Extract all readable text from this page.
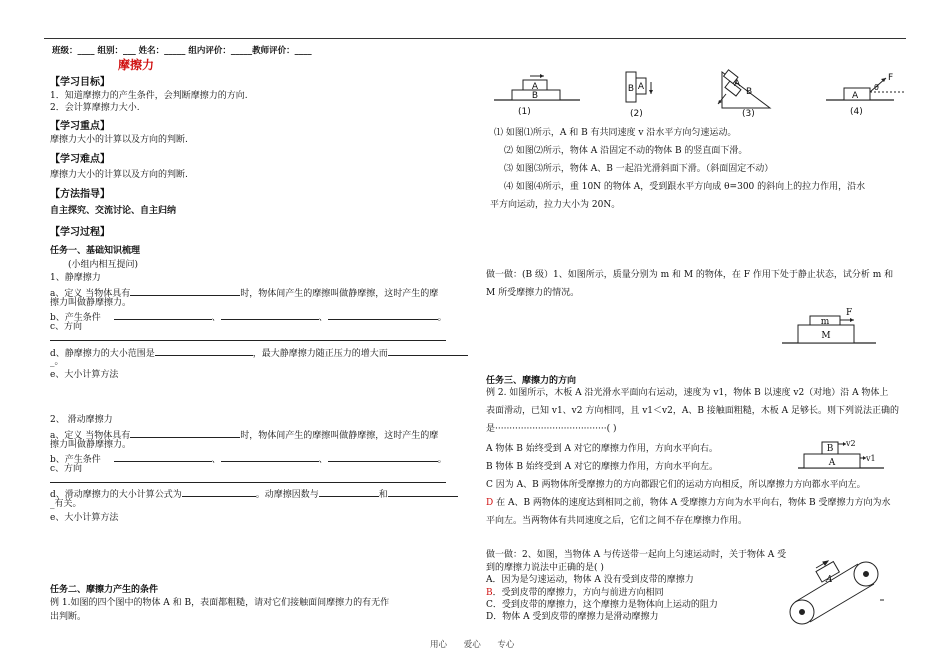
班级：____ 组别：___ 姓名：_____ 组内评价：_____教师评价：____
摩擦力
【学习目标】
1．知道摩擦力的产生条件，会判断摩擦力的方向.
2．会计算摩擦力大小.
【学习重点】
摩擦力大小的计算以及方向的判断.
【学习难点】
摩擦力大小的计算以及方向的判断.
【方法指导】
自主探究、交流讨论、自主归纳
【学习过程】
任务一、基础知识梳理
(小组内相互提问)
1、静摩擦力
a、定义 当物体具有	时，物体间产生的摩擦叫做静摩擦，这时产生的摩
擦力叫做静摩擦力。
b、产生条件	、	、	。
c、方向
d、静摩擦力的大小范围是	，最大静摩擦力随正压力的增大而
_。
e、大小计算方法
2、 滑动摩擦力
a、定义 当物体具有	时，物体间产生的摩擦叫做静摩擦，这时产生的摩
擦力叫做静摩擦力。
b、产生条件	、	、	。
c、方向
d、滑动摩擦力的大小计算公式为	。动摩擦因数与	和
_有关。
e、大小计算方法
任务二、摩擦力产生的条件
例 1.如图的四个图中的物体 A 和 B，表面都粗糙，请对它们接触面间摩擦力的有无作
出判断。
A
B
(1)
B A
(2)
A
B
(3)
A
F
θ
(4)
⑴ 如图⑴所示，A 和 B 有共同速度 v 沿水平方向匀速运动。
⑵ 如图⑵所示，物体 A 沿固定不动的物体 B 的竖直面下滑。
⑶ 如图⑶所示，物体 A、B 一起沿光滑斜面下滑。（斜面固定不动）
⑷ 如图⑷所示，重 10N 的物体 A，受到跟水平方向成 θ=300 的斜向上的拉力作用，沿水
平方向运动，拉力大小为 20N。
做一做：(B 级）1、如图所示，质量分别为 m 和 M 的物体，在 F 作用下处于静止状态，试分析 m 和
M 所受摩擦力的情况。
m
M
F
任务三、摩擦力的方向
例 2. 如图所示，木板 A 沿光滑水平面向右运动，速度为 v1，物体 B 以速度 v2（对地）沿 A 物体上
表面滑动，已知 v1、v2 方向相同，且 v1＜v2，A、B 接触面粗糙，木板 A 足够长。则下列说法正确的
是·······································( )
A 物体 B 始终受到 A 对它的摩擦力作用，方向水平向右。
B 物体 B 始终受到 A 对它的摩擦力作用，方向水平向左。
C 因为 A、B 两物体所受摩擦力的方向都跟它们的运动方向相反，所以摩擦力方向都水平向左。
D 在 A、B 两物体的速度达到相同之前，物体 A 受摩擦力方向为水平向右，物体 B 受摩擦力方向为水
平向左。当两物体有共同速度之后，它们之间不存在摩擦力作用。
B
A
v2
v1
做一做：2、如图，当物体 A 与传送带一起向上匀速运动时，关于物体 A 受
到的摩擦力说法中正确的是( )
A．因为是匀速运动，物体 A 没有受到皮带的摩擦力
B．受到皮带的摩擦力，方向与前进方向相同
C．受到皮带的摩擦力，这个摩擦力是物体向上运动的阻力
D．物体 A 受到皮带的摩擦力是滑动摩擦力
A
用心 爱心 专心
